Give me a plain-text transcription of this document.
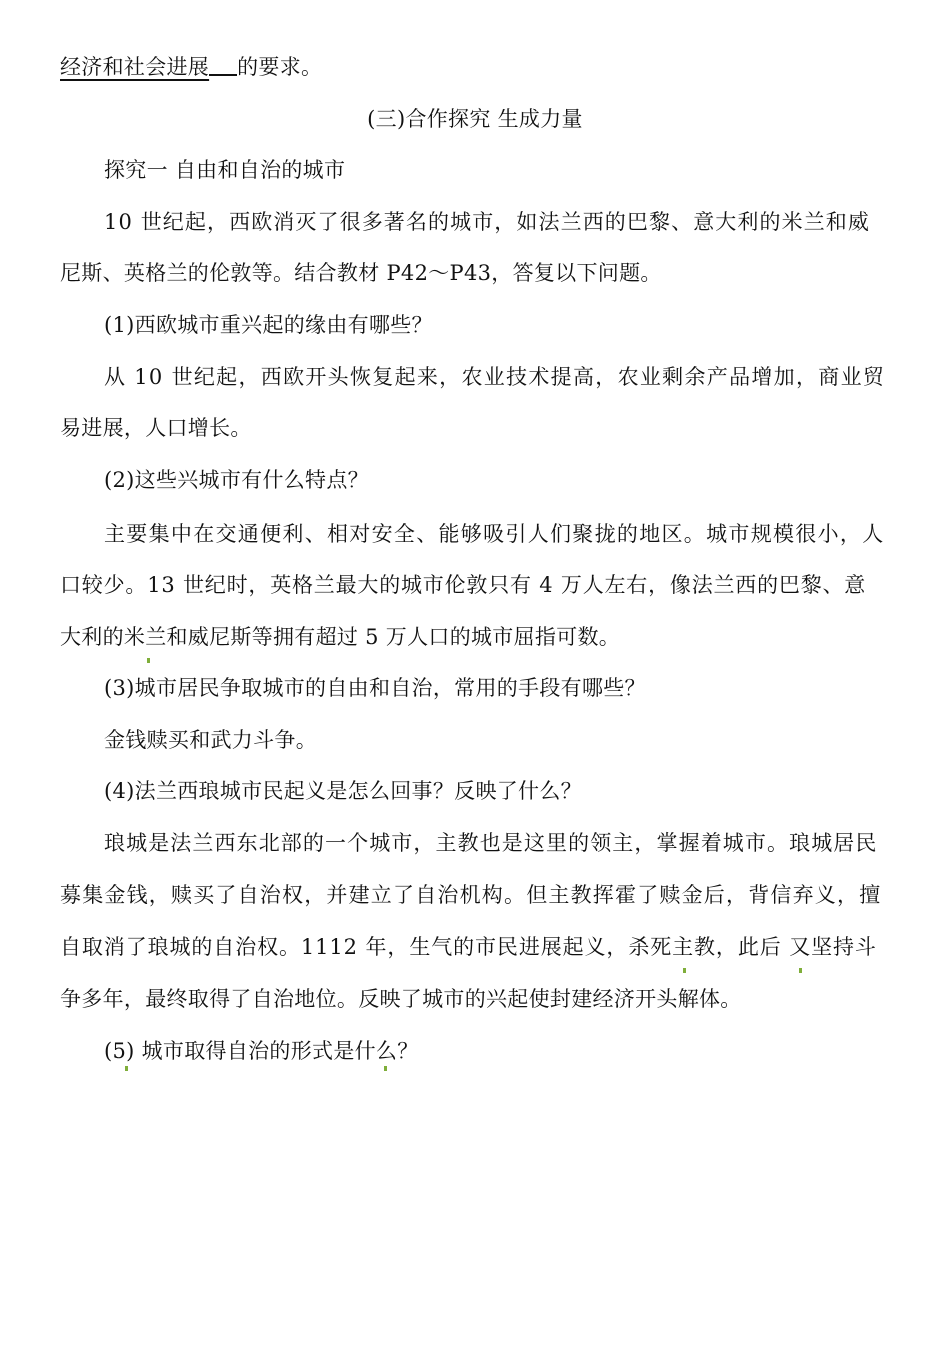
经济和社会进展 的要求。
(三)合作探究 生成力量
探究一 自由和自治的城市
10 世纪起，西欧消灭了很多著名的城市，如法兰西的巴黎、意大利的米兰和威
尼斯、英格兰的伦敦等。结合教材 P42～P43，答复以下问题。
(1)西欧城市重兴起的缘由有哪些？
从 10 世纪起，西欧开头恢复起来，农业技术提高，农业剩余产品增加，商业贸
易进展，人口增长。
(2)这些兴城市有什么特点？
主要集中在交通便利、相对安全、能够吸引人们聚拢的地区。城市规模很小，人
口较少。13 世纪时，英格兰最大的城市伦敦只有 4 万人左右，像法兰西的巴黎、意
大利的米兰和威尼斯等拥有超过 5 万人口的城市屈指可数。
(3)城市居民争取城市的自由和自治，常用的手段有哪些？
金钱赎买和武力斗争。
(4)法兰西琅城市民起义是怎么回事？反映了什么？
琅城是法兰西东北部的一个城市，主教也是这里的领主，掌握着城市。琅城居民
募集金钱，赎买了自治权，并建立了自治机构。但主教挥霍了赎金后，背信弃义，擅
自取消了琅城的自治权。1112 年，生气的市民进展起义，杀死主教，此后 又坚持斗
争多年，最终取得了自治地位。反映了城市的兴起使封建经济开头解体。
(5) 城市取得自治的形式是什么？
